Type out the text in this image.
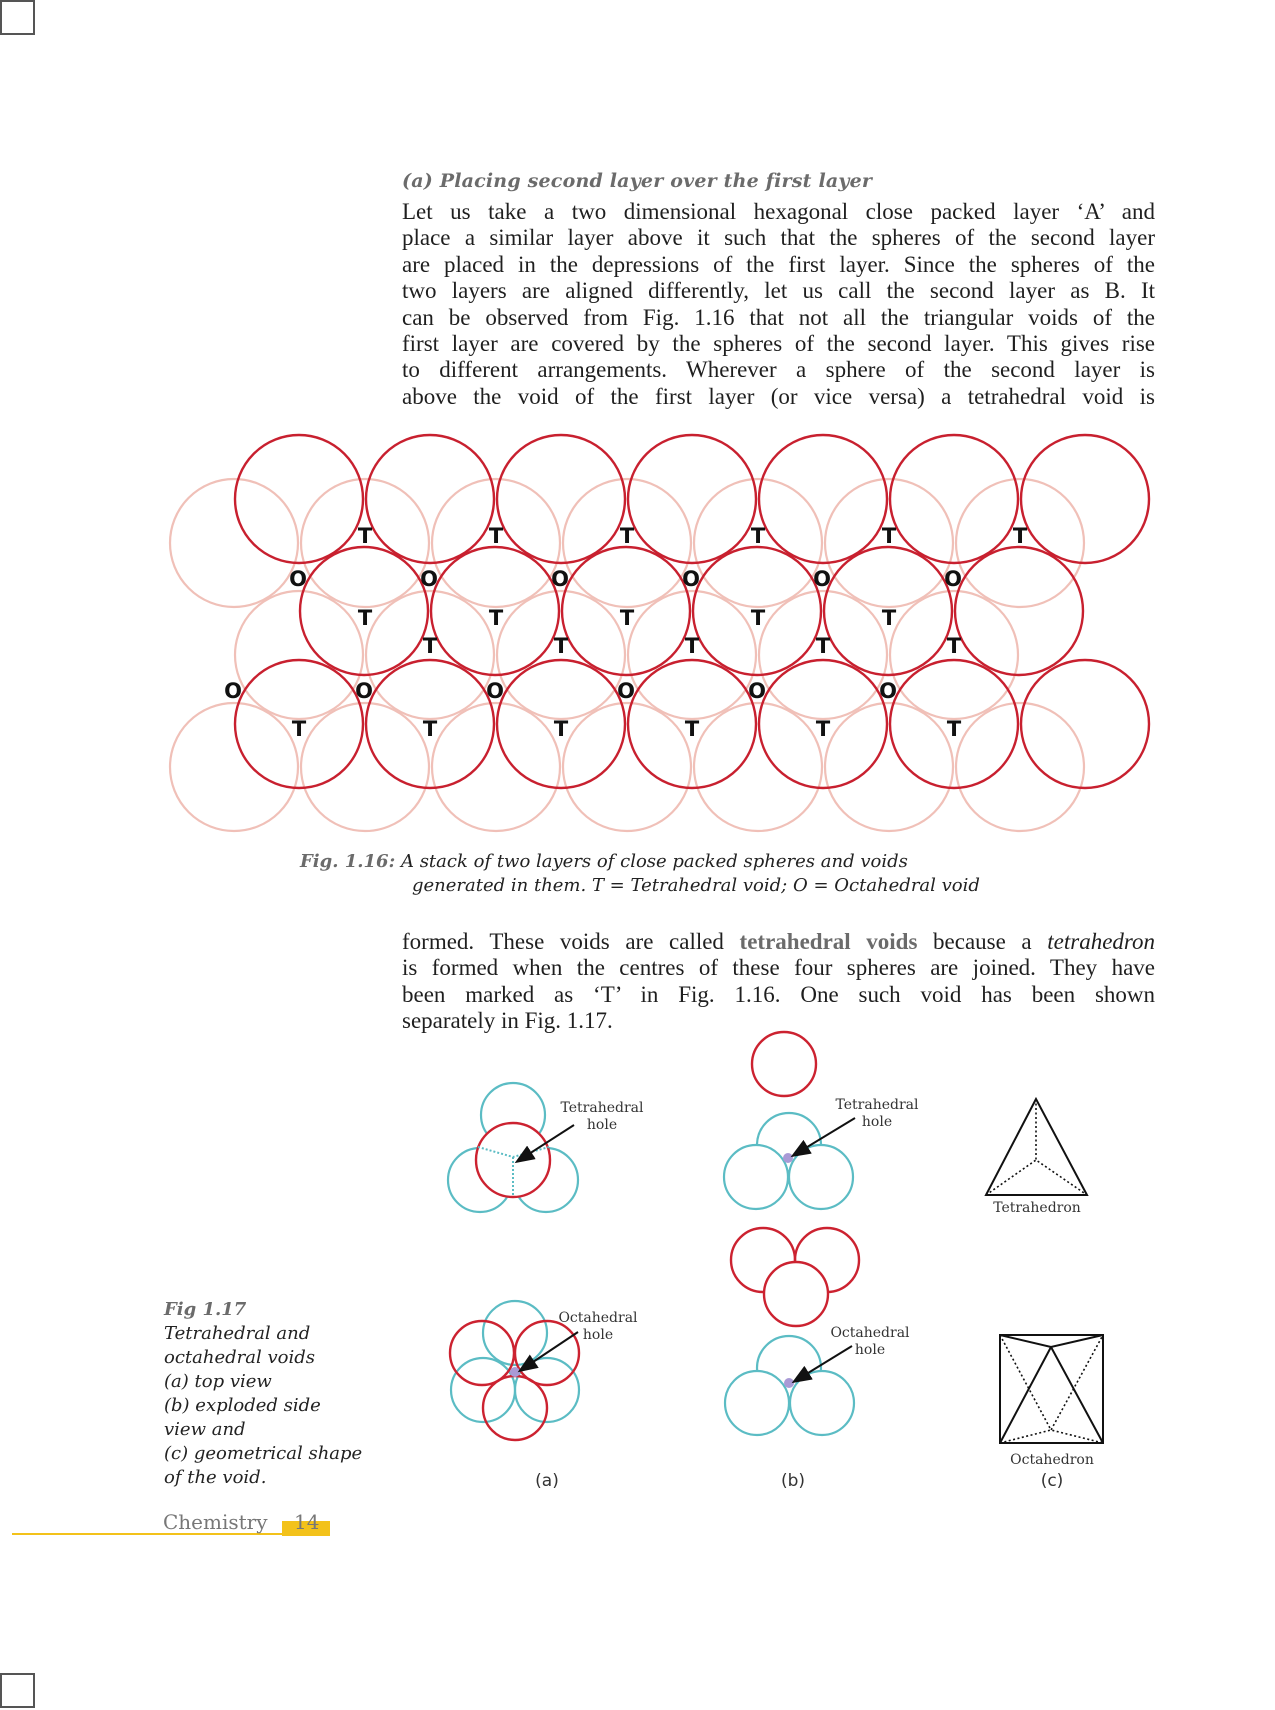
(a) Placing second layer over the first layer
Let us take a two dimensional hexagonal close packed layer ‘A’ and
place a similar layer above it such that the spheres of the second layer
are placed in the depressions of the first layer. Since the spheres of the
two layers are aligned differently, let us call the second layer as B. It
can be observed from Fig. 1.16 that not all the triangular voids of the
first layer are covered by the spheres of the second layer. This gives rise
to different arrangements. Wherever a sphere of the second layer is
above the void of the first layer (or vice versa) a tetrahedral void is
T	T	T	T	T	T
O	O	O	O	O	O
T	T	T	T	T
T	T	T	T	T
O	O	O	O	O	O
T	T	T	T	T	T
Tetrahedral
hole
Octahedral
hole
(a)
Tetrahedral
hole
Octahedral
hole
(b)
Tetrahedron
Octahedron
(c)
Fig. 1.16: A stack of two layers of close packed spheres and voids
generated in them. T = Tetrahedral void; O = Octahedral void
formed. These voids are called tetrahedral voids because a tetrahedron
is formed when the centres of these four spheres are joined. They have
been marked as ‘T’ in Fig. 1.16. One such void has been shown
separately in Fig. 1.17.
Fig 1.17
Tetrahedral and
octahedral voids
(a) top view
(b) exploded side
view and
(c) geometrical shape
of the void.
Chemistry 14
